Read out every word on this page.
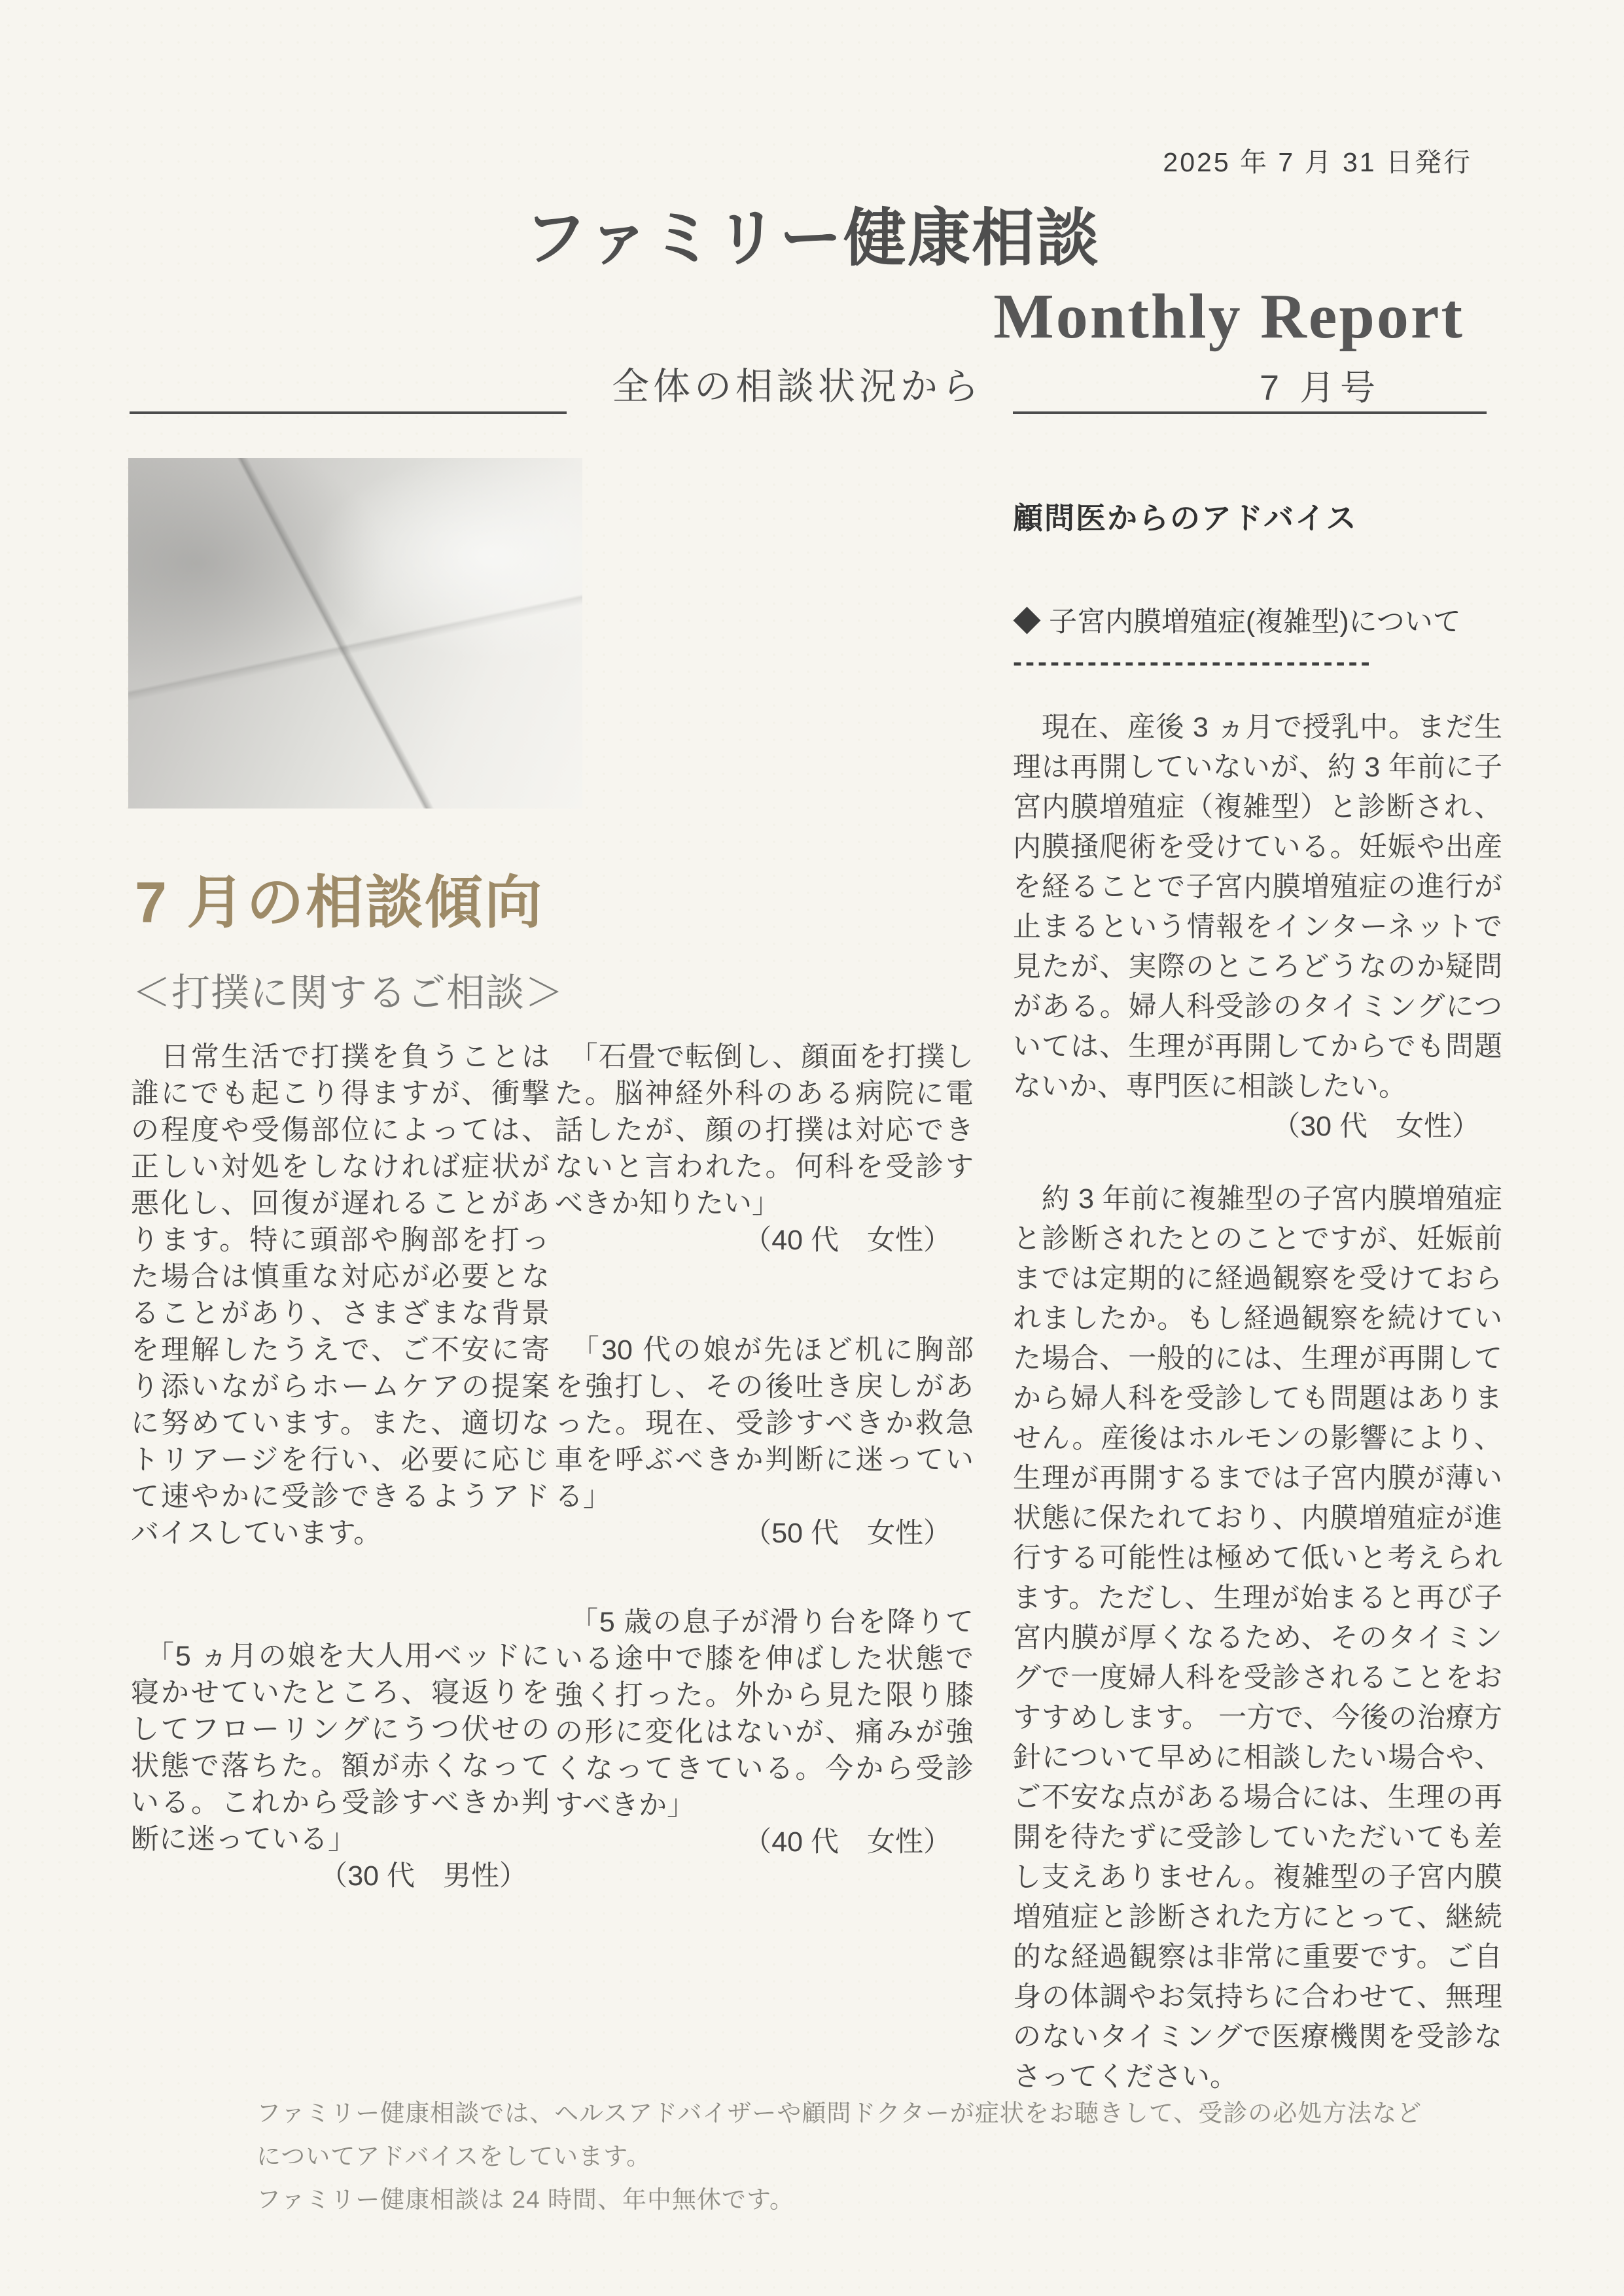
2025 年 7 月 31 日発行
ファミリー健康相談
Monthly Report
全体の相談状況から	7 月号
7 月の相談傾向
＜打撲に関するご相談＞

　日常生活で打撲を負うことは誰にでも起こり得ますが、衝撃の程度や受傷部位によっては、正しい対処をしなければ症状が悪化し、回復が遅れることがあります。特に頭部や胸部を打った場合は慎重な対応が必要となることがあり、さまざまな背景を理解したうえで、ご不安に寄り添いながらホームケアの提案に努めています。また、適切なトリアージを行い、必要に応じて速やかに受診できるようアドバイスしています。

　「5 ヵ月の娘を大人用ベッドに寝かせていたところ、寝返りをしてフローリングにうつ伏せの状態で落ちた。額が赤くなっている。これから受診すべきか判断に迷っている」

（30 代　男性）

　「石畳で転倒し、顔面を打撲した。脳神経外科のある病院に電話したが、顔の打撲は対応できないと言われた。何科を受診すべきか知りたい」

（40 代　女性）

　「30 代の娘が先ほど机に胸部を強打し、その後吐き戻しがあった。現在、受診すべきか救急車を呼ぶべきか判断に迷っている」

（50 代　女性）

　「5 歳の息子が滑り台を降りている途中で膝を伸ばした状態で強く打った。外から見た限り膝の形に変化はないが、痛みが強くなってきている。今から受診すべきか」

（40 代　女性）
顧問医からのアドバイス
◆ 子宮内膜増殖症(複雑型)について
-----------------------------

　現在、産後 3 ヵ月で授乳中。まだ生理は再開していないが、約 3 年前に子宮内膜増殖症（複雑型）と診断され、内膜掻爬術を受けている。妊娠や出産を経ることで子宮内膜増殖症の進行が止まるという情報をインターネットで見たが、実際のところどうなのか疑問がある。婦人科受診のタイミングについては、生理が再開してからでも問題ないか、専門医に相談したい。

（30 代　女性）

　約 3 年前に複雑型の子宮内膜増殖症と診断されたとのことですが、妊娠前までは定期的に経過観察を受けておられましたか。もし経過観察を続けていた場合、一般的には、生理が再開してから婦人科を受診しても問題はありません。産後はホルモンの影響により、生理が再開するまでは子宮内膜が薄い状態に保たれており、内膜増殖症が進行する可能性は極めて低いと考えられます。ただし、生理が始まると再び子宮内膜が厚くなるため、そのタイミングで一度婦人科を受診されることをおすすめします。 一方で、今後の治療方針について早めに相談したい場合や、ご不安な点がある場合には、生理の再開を待たずに受診していただいても差し支えありません。複雑型の子宮内膜増殖症と診断された方にとって、継続的な経過観察は非常に重要です。ご自身の体調やお気持ちに合わせて、無理のないタイミングで医療機関を受診なさってください。

ファミリー健康相談では、ヘルスアドバイザーや顧問ドクターが症状をお聴きして、受診の必処方法などについてアドバイスをしています。
ファミリー健康相談は 24 時間、年中無休です。
